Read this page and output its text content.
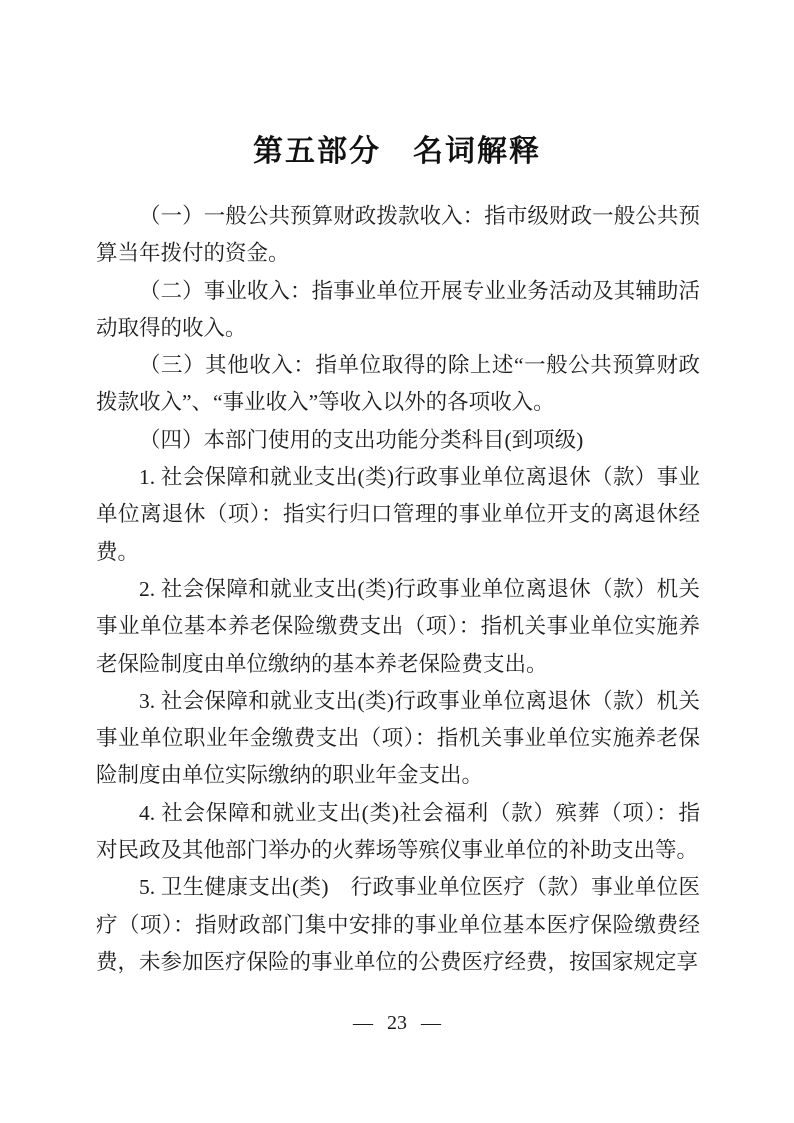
第五部分　名词解释

（一）一般公共预算财政拨款收入：指市级财政一般公共预算当年拨付的资金。

（二）事业收入：指事业单位开展专业业务活动及其辅助活动取得的收入。

（三）其他收入：指单位取得的除上述“一般公共预算财政拨款收入”、“事业收入”等收入以外的各项收入。

（四）本部门使用的支出功能分类科目(到项级)

1. 社会保障和就业支出(类)行政事业单位离退休（款）事业单位离退休（项）：指实行归口管理的事业单位开支的离退休经费。

2. 社会保障和就业支出(类)行政事业单位离退休（款）机关事业单位基本养老保险缴费支出（项）：指机关事业单位实施养老保险制度由单位缴纳的基本养老保险费支出。

3. 社会保障和就业支出(类)行政事业单位离退休（款）机关事业单位职业年金缴费支出（项）：指机关事业单位实施养老保险制度由单位实际缴纳的职业年金支出。

4. 社会保障和就业支出(类)社会福利（款）殡葬（项）：指对民政及其他部门举办的火葬场等殡仪事业单位的补助支出等。

5. 卫生健康支出(类)　行政事业单位医疗（款）事业单位医疗（项）：指财政部门集中安排的事业单位基本医疗保险缴费经费，未参加医疗保险的事业单位的公费医疗经费，按国家规定享

— 23 —
